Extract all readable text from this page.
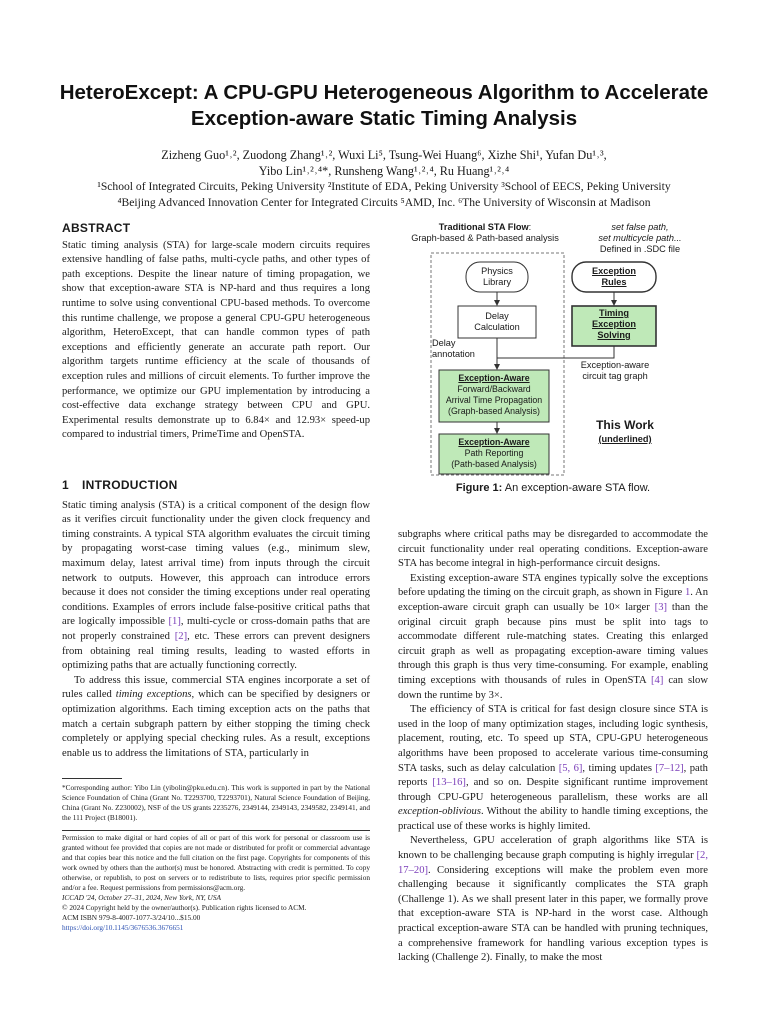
HeteroExcept: A CPU-GPU Heterogeneous Algorithm to Accelerate
Exception-aware Static Timing Analysis
Zizheng Guo¹˒², Zuodong Zhang¹˒², Wuxi Li⁵, Tsung-Wei Huang⁶, Xizhe Shi¹, Yufan Du¹˒³,
Yibo Lin¹˒²˒⁴*, Runsheng Wang¹˒²˒⁴, Ru Huang¹˒²˒⁴
¹School of Integrated Circuits, Peking University ²Institute of EDA, Peking University ³School of EECS, Peking University
⁴Beijing Advanced Innovation Center for Integrated Circuits ⁵AMD, Inc. ⁶The University of Wisconsin at Madison
ABSTRACT

Static timing analysis (STA) for large-scale modern circuits requires extensive handling of false paths, multi-cycle paths, and other types of path exceptions. Despite the linear nature of timing propagation, we show that exception-aware STA is NP-hard and thus requires a long runtime to solve using conventional CPU-based methods. To overcome this runtime challenge, we propose a general CPU-GPU heterogeneous algorithm, HeteroExcept, that can handle common types of path exceptions and efficiently generate an accurate path report. Our algorithm targets runtime efficiency at the scale of thousands of exception rules and millions of circuit elements. To further improve the performance, we optimize our GPU implementation by introducing a cost-effective data exchange strategy between CPU and GPU. Experimental results demonstrate up to 6.84× and 12.93× speed-up compared to industrial timers, PrimeTime and OpenSTA.

1 INTRODUCTION

Static timing analysis (STA) is a critical component of the design flow as it verifies circuit functionality under the given clock frequency and timing constraints. A typical STA algorithm evaluates the circuit timing by propagating worst-case timing values (e.g., minimum slew, maximum delay, latest arrival time) from inputs through the circuit network to outputs. However, this approach can introduce errors because it does not consider the timing exceptions under real operating conditions. Examples of errors include false-positive critical paths that are logically impossible [1], multi-cycle or cross-domain paths that are not properly constrained [2], etc. These errors can prevent designers from obtaining real timing results, leading to wasted efforts in optimizing paths that are actually functioning correctly.

To address this issue, commercial STA engines incorporate a set of rules called timing exceptions, which can be specified by designers or optimization algorithms. Each timing exception acts on the paths that match a certain subgraph pattern by either stopping the timing check completely or applying special checking rules. As a result, exceptions enable us to address the limitations of STA, particularly in

*Corresponding author: Yibo Lin (yibolin@pku.edu.cn). This work is supported in part by the National Science Foundation of China (Grant No. T2293700, T2293701), Natural Science Foundation of Beijing, China (Grant No. Z230002), NSF of the US grants 2235276, 2349144, 2349143, 2349582, 2349141, and the 111 Project (B18001).
Permission to make digital or hard copies of all or part of this work for personal or classroom use is granted without fee provided that copies are not made or distributed for profit or commercial advantage and that copies bear this notice and the full citation on the first page. Copyrights for components of this work owned by others than the author(s) must be honored. Abstracting with credit is permitted. To copy otherwise, or republish, to post on servers or to redistribute to lists, requires prior specific permission and/or a fee. Request permissions from permissions@acm.org.
ICCAD '24, October 27–31, 2024, New York, NY, USA
© 2024 Copyright held by the owner/author(s). Publication rights licensed to ACM.
ACM ISBN 979-8-4007-1077-3/24/10...$15.00
https://doi.org/10.1145/3676536.3676651
Traditional STA Flow:
Graph-based & Path-based analysis
set false path,
set multicycle path...
Defined in .SDC file
Physics
Library
Exception
Rules
Delay
Calculation
Timing
Exception
Solving
Delay
annotation
Exception-aware
circuit tag graph
Exception-Aware
Forward/Backward
Arrival Time Propagation
(Graph-based Analysis)
Exception-Aware
Path Reporting
(Path-based Analysis)
This Work
(underlined)
Figure 1: An exception-aware STA flow.

subgraphs where critical paths may be disregarded to accommodate the circuit functionality under real operating conditions. Exception-aware STA has become integral in high-performance circuit designs.

Existing exception-aware STA engines typically solve the exceptions before updating the timing on the circuit graph, as shown in Figure 1. An exception-aware circuit graph can usually be 10× larger [3] than the original circuit graph because pins must be split into tags to accommodate different rule-matching states. Creating this enlarged circuit graph as well as propagating exception-aware timing values through this graph is thus very time-consuming. For example, enabling timing exceptions with thousands of rules in OpenSTA [4] can slow down the runtime by 3×.

The efficiency of STA is critical for fast design closure since STA is used in the loop of many optimization stages, including logic synthesis, placement, routing, etc. To speed up STA, CPU-GPU heterogeneous algorithms have been proposed to accelerate various time-consuming STA tasks, such as delay calculation [5, 6], timing updates [7–12], path reports [13–16], and so on. Despite significant runtime improvement through CPU-GPU heterogeneous parallelism, these works are all exception-oblivious. Without the ability to handle timing exceptions, the practical use of these works is highly limited.

Nevertheless, GPU acceleration of graph algorithms like STA is known to be challenging because graph computing is highly irregular [2, 17–20]. Considering exceptions will make the problem even more challenging because it significantly complicates the STA graph (Challenge 1). As we shall present later in this paper, we formally prove that exception-aware STA is NP-hard in the worst case. Although practical exception-aware STA can be handled with pruning techniques, a comprehensive framework for handling various exception types is lacking (Challenge 2). Finally, to make the most
